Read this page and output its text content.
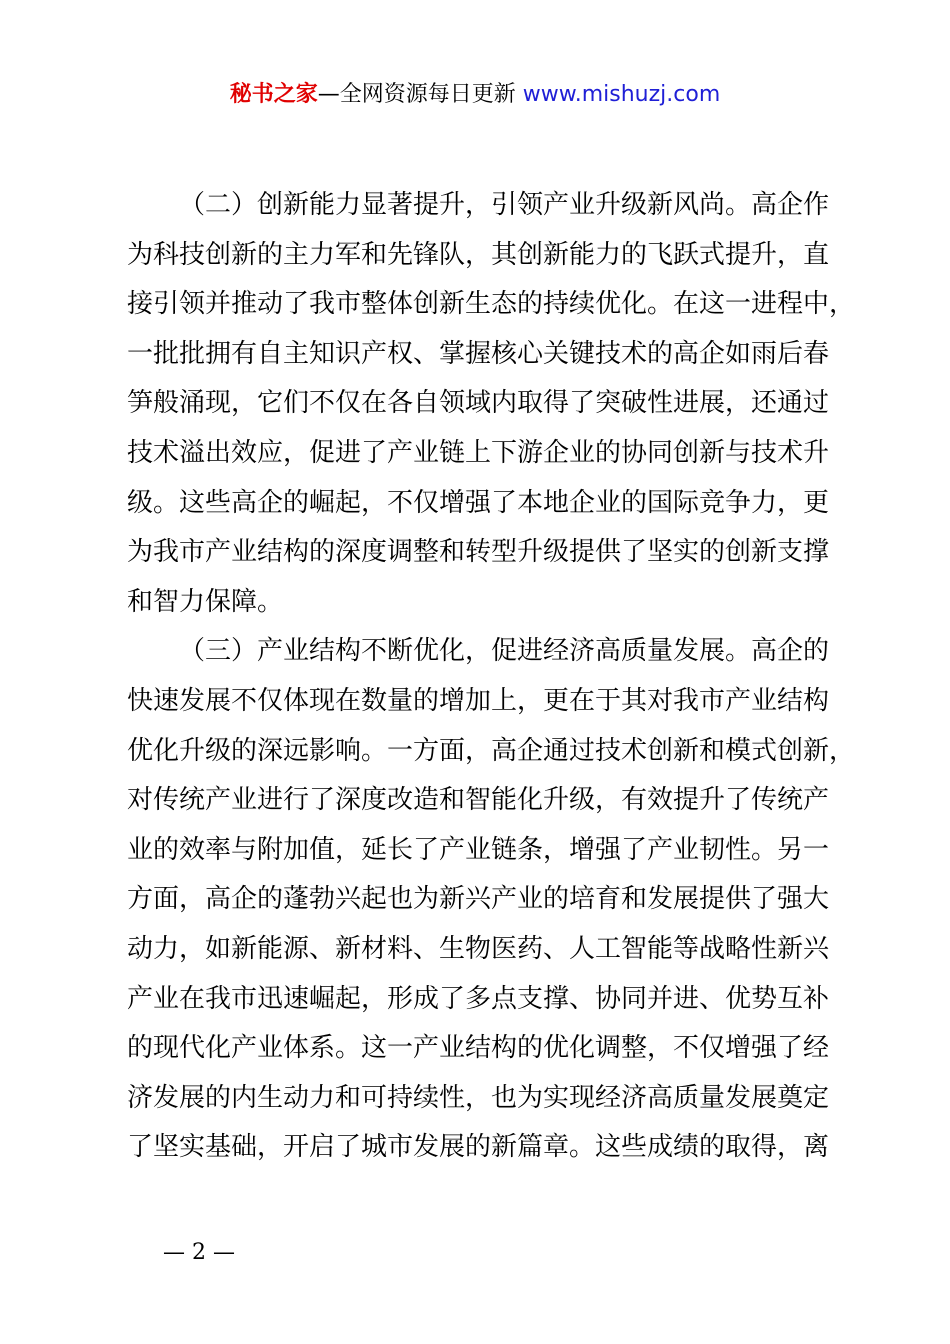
秘书之家—全网资源每日更新 www.mishuzj.com
（二）创新能力显著提升，引领产业升级新风尚。高企作
为科技创新的主力军和先锋队，其创新能力的飞跃式提升，直
接引领并推动了我市整体创新生态的持续优化。在这一进程中，
一批批拥有自主知识产权、掌握核心关键技术的高企如雨后春
笋般涌现，它们不仅在各自领域内取得了突破性进展，还通过
技术溢出效应，促进了产业链上下游企业的协同创新与技术升
级。这些高企的崛起，不仅增强了本地企业的国际竞争力，更
为我市产业结构的深度调整和转型升级提供了坚实的创新支撑
和智力保障。
（三）产业结构不断优化，促进经济高质量发展。高企的
快速发展不仅体现在数量的增加上，更在于其对我市产业结构
优化升级的深远影响。一方面，高企通过技术创新和模式创新，
对传统产业进行了深度改造和智能化升级，有效提升了传统产
业的效率与附加值，延长了产业链条，增强了产业韧性。另一
方面，高企的蓬勃兴起也为新兴产业的培育和发展提供了强大
动力，如新能源、新材料、生物医药、人工智能等战略性新兴
产业在我市迅速崛起，形成了多点支撑、协同并进、优势互补
的现代化产业体系。这一产业结构的优化调整，不仅增强了经
济发展的内生动力和可持续性，也为实现经济高质量发展奠定
了坚实基础，开启了城市发展的新篇章。这些成绩的取得，离
— 2 —
